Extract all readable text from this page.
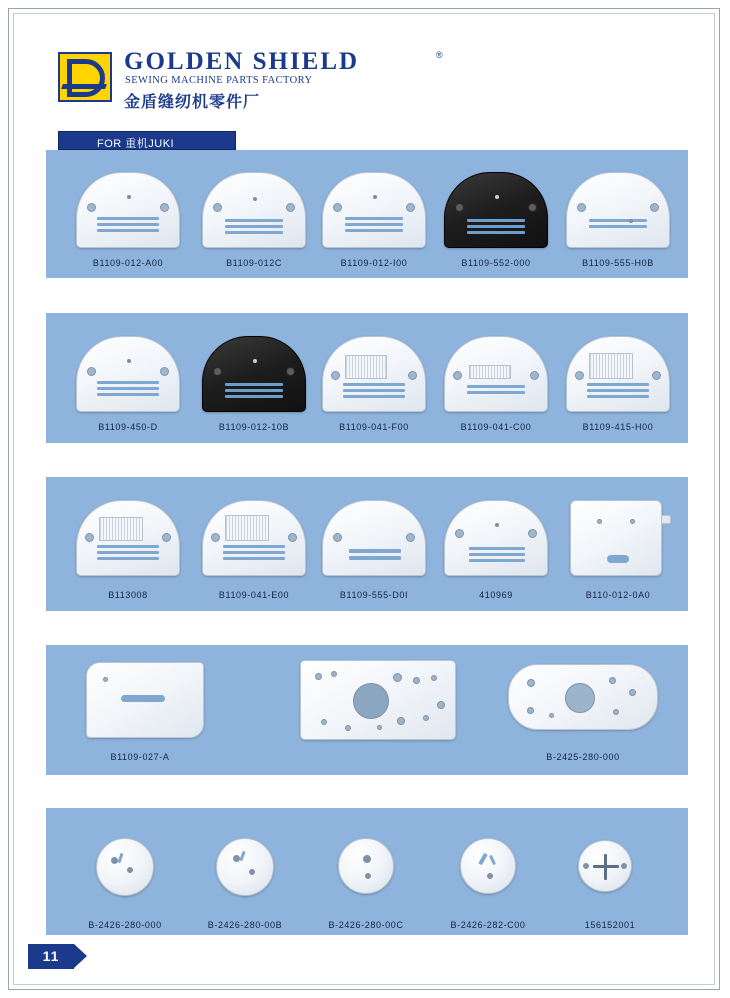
GOLDEN SHIELD	®
SEWING MACHINE PARTS FACTORY
金盾缝纫机零件厂
FOR 重机JUKI
B1109-012-A00	B1109-012C	B1109-012-I00	B1109-552-000	B1109-555-H0B
B1109-450-D	B1109-012-10B	B1109-041-F00	B1109-041-C00	B1109-415-H00
B113008	B1109-041-E00	B1109-555-D0I	410969	B110-012-0A0
B1109-027-A	B-2425-280-000
B-2426-280-000	B-2426-280-00B	B-2426-280-00C	B-2426-282-C00	156152001
11
